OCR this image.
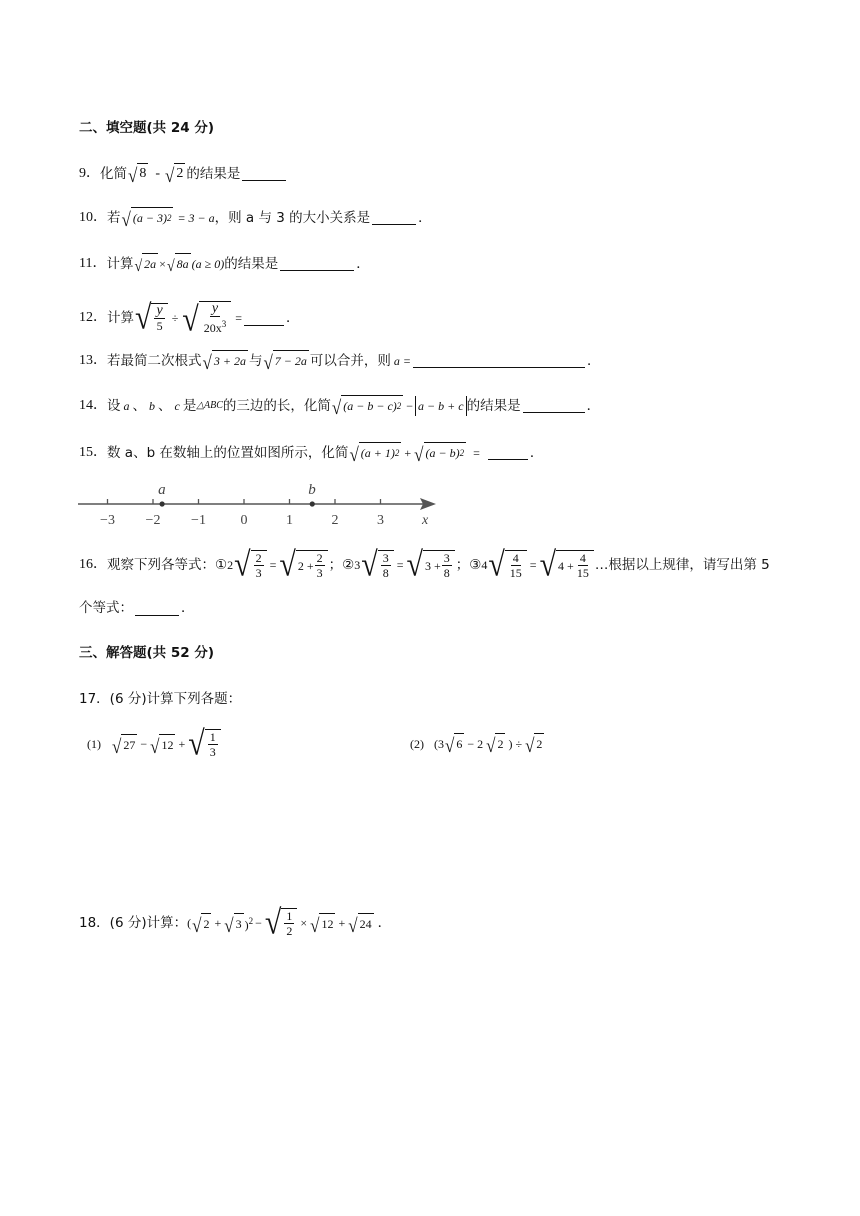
二、填空题(共 24 分)
9． 化简 √ 8 - √ 2 的结果是
10． 若 √ (a − 3) 2 = 3 − a ，则 a 与 3 的大小关系是	．
11． 计算 √ 2a × √ 8a (a ≥ 0) 的结果是	．
12． 计算 √ $\frac{y}{5}$ ÷ √ $\frac{y}{20x^3}$ =	．
13． 若最简二次根式 √ 3 + 2a 与 √ 7 − 2a 可以合并，则 a =	．
14． 设 a 、 b 、 c 是 △ABC 的三边的长，化简 √ (a − b − c) 2 − a − b + c 的结果是	．
15． 数 a、b 在数轴上的位置如图所示，化简 √ (a + 1) 2 + √ (a − b) 2 =	．
−3 −2 −1 0	1	2	3
a	b
x
16． 观察下列各等式： ① 2 √ $\frac{2}{3}$ = √ $2 + \frac{2}{3}$ ； ② 3 √ $\frac{3}{8}$ = √ $3 + \frac{3}{8}$ ； ③ 4 √ $\frac{4}{15}$ = √ $4 + \frac{4}{15}$ …根据以上规律，请写出第 5
个等式：	．
三、解答题(共 52 分)
17．(6 分)计算下列各题：
(1) √ 27 − √ 12 + √ $\frac{1}{3}$	(2) (3 √ 6 − 2 √ 2 ) ÷ √ 2
18．(6 分)计算： ( √ 2 + √ 3 )$^2$ − √ $\frac{1}{2}$ × √ 12 + √ 24 ．
